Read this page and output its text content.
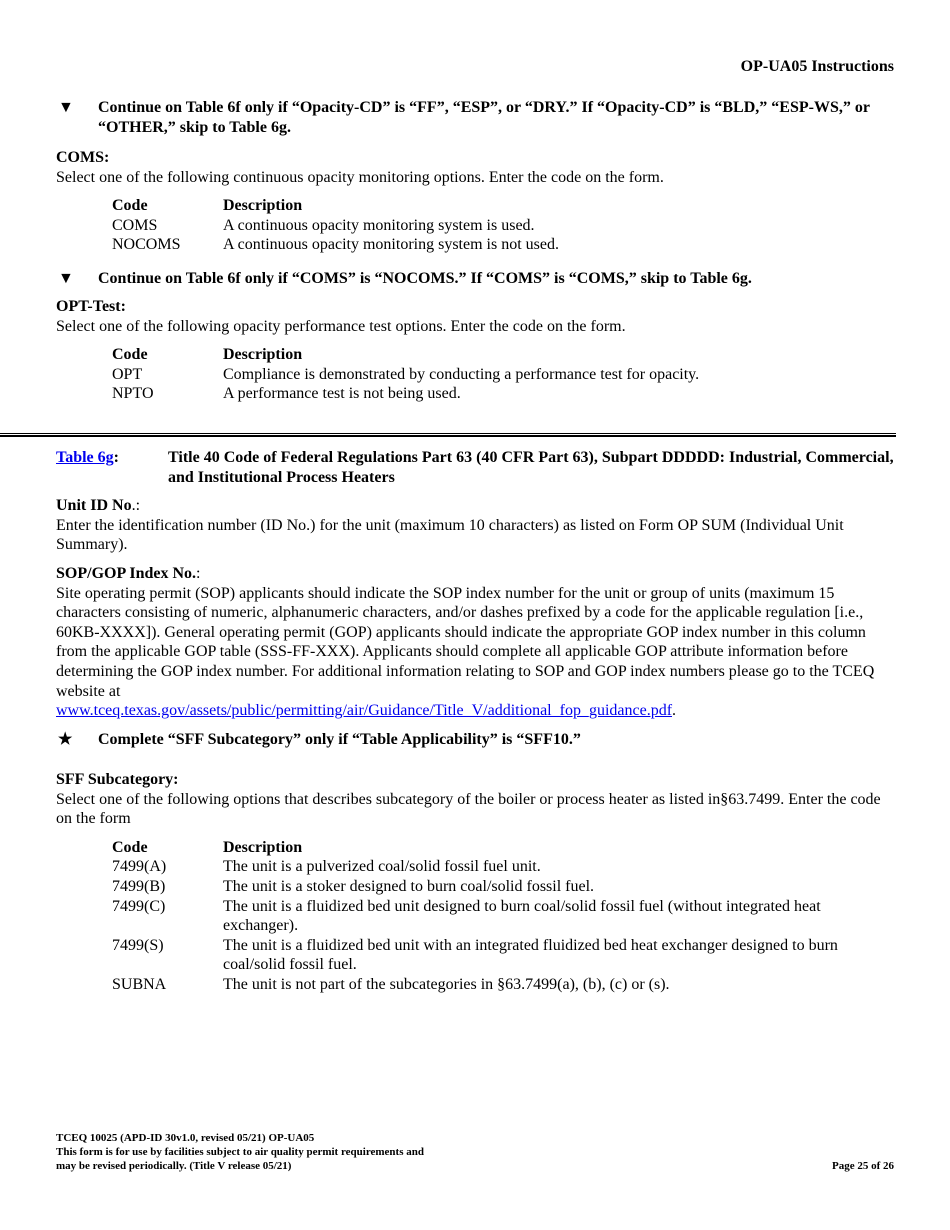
OP-UA05 Instructions
▼ Continue on Table 6f only if “Opacity-CD” is “FF”, “ESP”, or “DRY.” If “Opacity-CD” is “BLD,” “ESP-WS,” or “OTHER,” skip to Table 6g.
COMS:
Select one of the following continuous opacity monitoring options. Enter the code on the form.
Code	Description
COMS	A continuous opacity monitoring system is used.
NOCOMS	A continuous opacity monitoring system is not used.
▼ Continue on Table 6f only if “COMS” is “NOCOMS.” If “COMS” is “COMS,” skip to Table 6g.
OPT-Test:
Select one of the following opacity performance test options. Enter the code on the form.
Code	Description
OPT	Compliance is demonstrated by conducting a performance test for opacity.
NPTO	A performance test is not being used.
Table 6g:	Title 40 Code of Federal Regulations Part 63 (40 CFR Part 63), Subpart DDDDD: Industrial, Commercial, and Institutional Process Heaters
Unit ID No.:
Enter the identification number (ID No.) for the unit (maximum 10 characters) as listed on Form OP SUM (Individual Unit Summary).
SOP/GOP Index No.:
Site operating permit (SOP) applicants should indicate the SOP index number for the unit or group of units (maximum 15 characters consisting of numeric, alphanumeric characters, and/or dashes prefixed by a code for the applicable regulation [i.e., 60KB-XXXX]). General operating permit (GOP) applicants should indicate the appropriate GOP index number in this column from the applicable GOP table (SSS-FF-XXX). Applicants should complete all applicable GOP attribute information before determining the GOP index number. For additional information relating to SOP and GOP index numbers please go to the TCEQ website at
www.tceq.texas.gov/assets/public/permitting/air/Guidance/Title_V/additional_fop_guidance.pdf.
★	Complete “SFF Subcategory” only if “Table Applicability” is “SFF10.”
SFF Subcategory:
Select one of the following options that describes subcategory of the boiler or process heater as listed in§63.7499. Enter the code on the form
Code	Description
7499(A)	The unit is a pulverized coal/solid fossil fuel unit.
7499(B)	The unit is a stoker designed to burn coal/solid fossil fuel.
7499(C)	The unit is a fluidized bed unit designed to burn coal/solid fossil fuel (without integrated heat exchanger).
7499(S)	The unit is a fluidized bed unit with an integrated fluidized bed heat exchanger designed to burn coal/solid fossil fuel.
SUBNA	The unit is not part of the subcategories in §63.7499(a), (b), (c) or (s).
TCEQ 10025 (APD-ID 30v1.0, revised 05/21) OP-UA05
This form is for use by facilities subject to air quality permit requirements and
may be revised periodically. (Title V release 05/21)	Page 25 of 26
